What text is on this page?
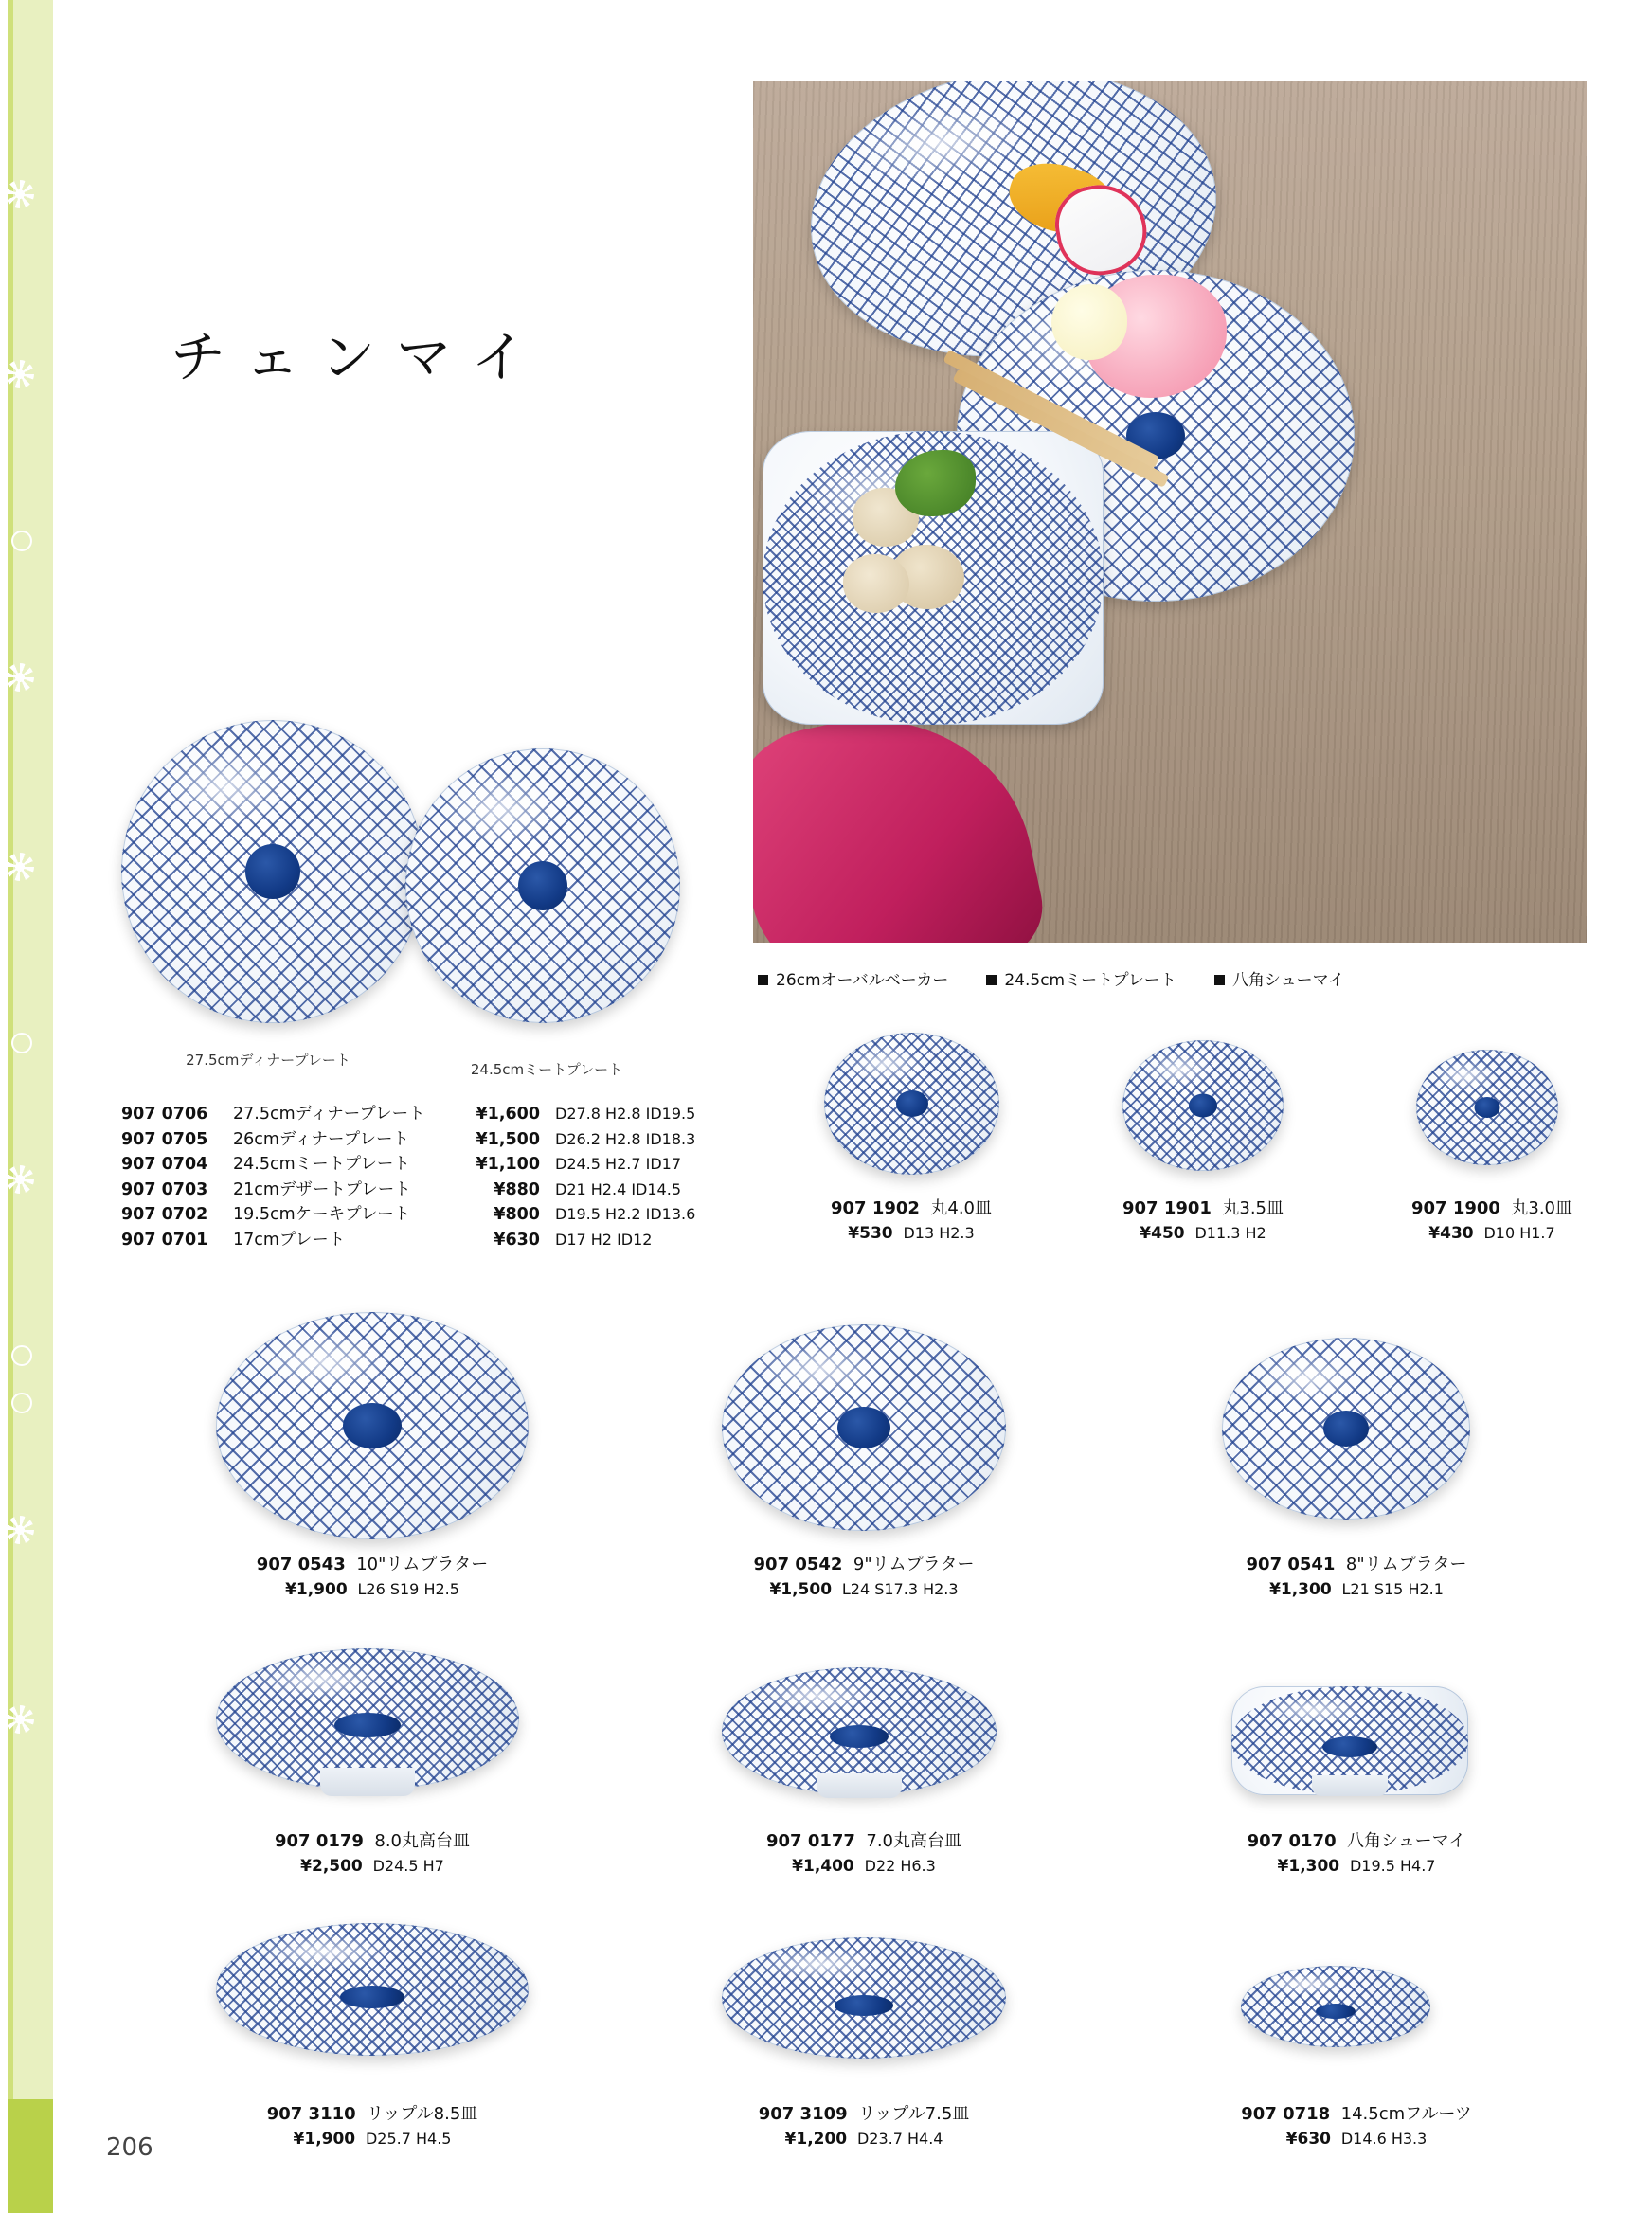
チェンマイ
26cmオーバルベーカー	24.5cmミートプレート	八角シューマイ
27.5cmディナープレート
24.5cmミートプレート
907 0706	27.5cmディナープレート	¥1,600	D27.8 H2.8 ID19.5
907 0705	26cmディナープレート	¥1,500	D26.2 H2.8 ID18.3
907 0704	24.5cmミートプレート	¥1,100	D24.5 H2.7 ID17
907 0703	21cmデザートプレート	¥880	D21 H2.4 ID14.5
907 0702	19.5cmケーキプレート	¥800	D19.5 H2.2 ID13.6
907 0701	17cmプレート	¥630	D17 H2 ID12
907 1902 丸4.0皿
¥530 D13 H2.3
907 1901 丸3.5皿
¥450 D11.3 H2
907 1900 丸3.0皿
¥430 D10 H1.7
907 0543 10"リムプラター
¥1,900 L26 S19 H2.5
907 0542 9"リムプラター
¥1,500 L24 S17.3 H2.3
907 0541 8"リムプラター
¥1,300 L21 S15 H2.1
907 0179 8.0丸高台皿
¥2,500 D24.5 H7
907 0177 7.0丸高台皿
¥1,400 D22 H6.3
907 0170 八角シューマイ
¥1,300 D19.5 H4.7
907 3110 リップル8.5皿
¥1,900 D25.7 H4.5
907 3109 リップル7.5皿
¥1,200 D23.7 H4.4
907 0718 14.5cmフルーツ
¥630 D14.6 H3.3
206
